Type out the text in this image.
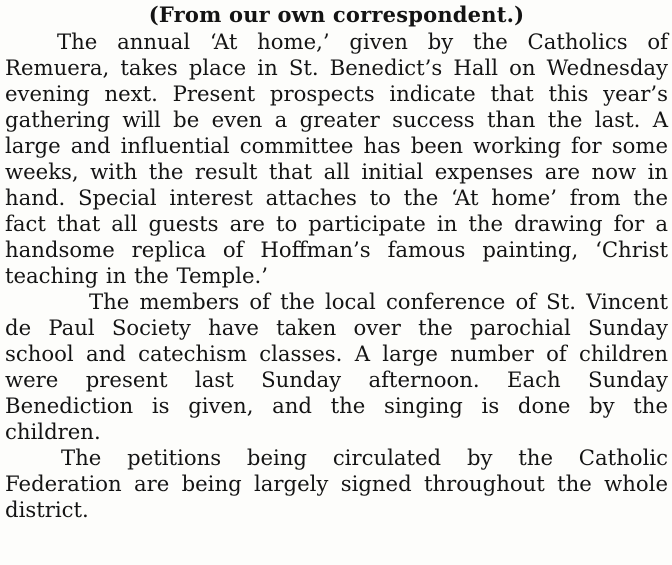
(From our own correspondent.)

The annual ‘At home,’ given by the Catholics of Remuera, takes place in St. Benedict’s Hall on Wednesday evening next. Present prospects indicate that this year’s gathering will be even a greater success than the last. A large and influential committee has been working for some weeks, with the result that all initial expenses are now in hand. Special interest attaches to the ‘At home’ from the fact that all guests are to participate in the drawing for a handsome replica of Hoffman’s famous painting, ‘Christ teaching in the Temple.’

The members of the local conference of St. Vincent de Paul Society have taken over the parochial Sunday school and catechism classes. A large number of children were present last Sunday afternoon. Each Sunday Benediction is given, and the singing is done by the children.

The petitions being circulated by the Catholic Federation are being largely signed throughout the whole district.
